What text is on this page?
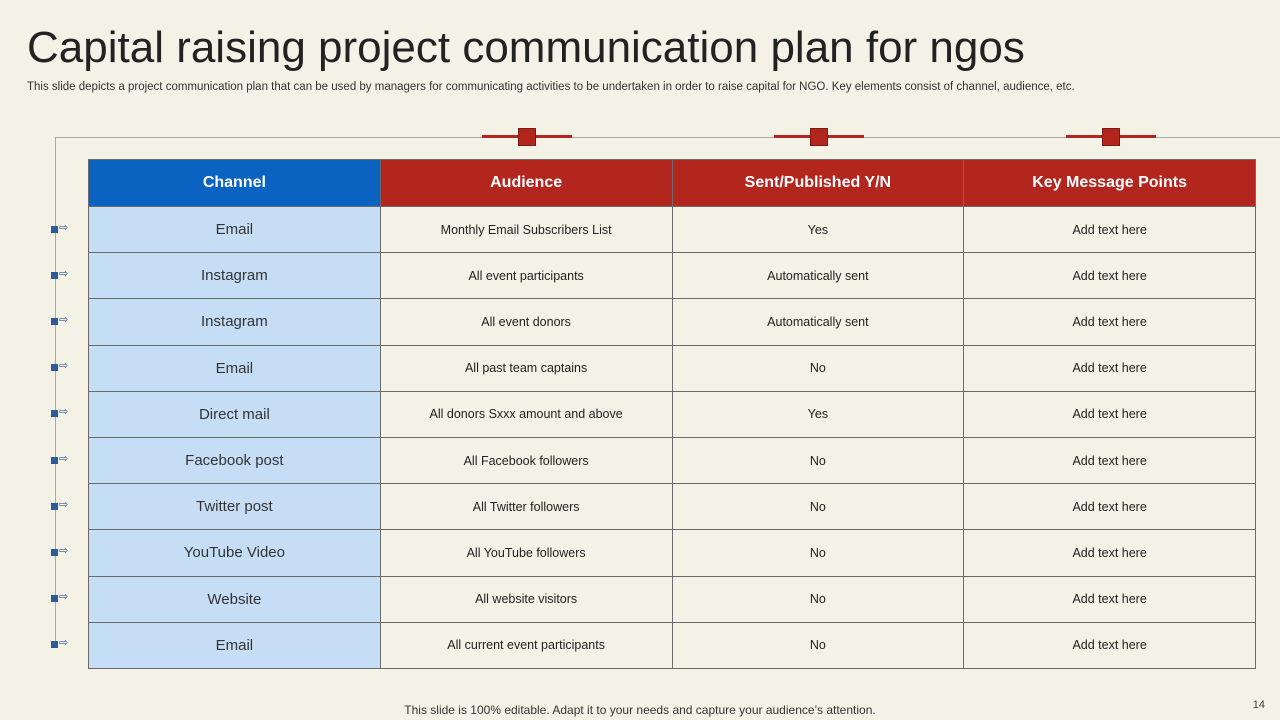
Capital raising project communication plan for ngos
This slide depicts a project communication plan that can be used by managers for communicating activities to be undertaken in order to raise capital for NGO. Key elements consist of channel, audience, etc.
⇨
⇨
⇨
⇨
⇨
⇨
⇨
⇨
⇨
⇨
Channel	Audience	Sent/Published Y/N	Key Message Points
Email	Monthly Email Subscribers List	Yes	Add text here
Instagram	All event participants	Automatically sent	Add text here
Instagram	All event donors	Automatically sent	Add text here
Email	All past team captains	No	Add text here
Direct mail	All donors Sxxx amount and above	Yes	Add text here
Facebook post	All Facebook followers	No	Add text here
Twitter post	All Twitter followers	No	Add text here
YouTube Video	All YouTube followers	No	Add text here
Website	All website visitors	No	Add text here
Email	All current event participants	No	Add text here
This slide is 100% editable. Adapt it to your needs and capture your audience’s attention.	14
